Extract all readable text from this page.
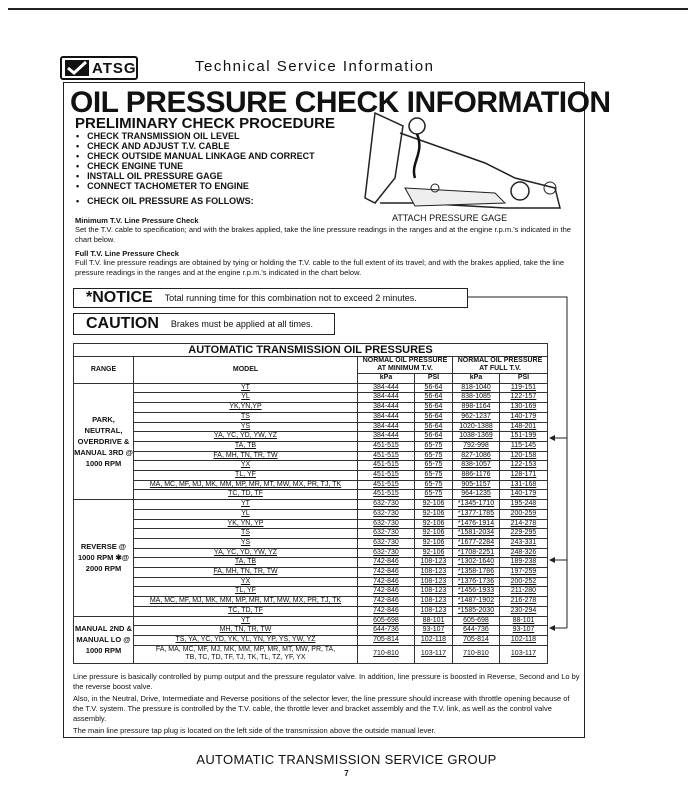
ATSG	Technical Service Information
OIL PRESSURE CHECK INFORMATION
PRELIMINARY CHECK PROCEDURE
• CHECK TRANSMISSION OIL LEVEL
• CHECK AND ADJUST T.V. CABLE
• CHECK OUTSIDE MANUAL LINKAGE AND CORRECT
• CHECK ENGINE TUNE
• INSTALL OIL PRESSURE GAGE
• CONNECT TACHOMETER TO ENGINE
• CHECK OIL PRESSURE AS FOLLOWS:
ATTACH PRESSURE GAGE
Minimum T.V. Line Pressure Check
Set the T.V. cable to specification; and with the brakes applied, take the line pressure readings in the ranges and at the engine r.p.m.'s indicated in the chart below.
Full T.V. Line Pressure Check
Full T.V. line pressure readings are obtained by tying or holding the T.V. cable to the full extent of its travel; and with the brakes applied, take the line pressure readings in the ranges and at the engine r.p.m.'s indicated in the chart below.
*NOTICE Total running time for this combination not to exceed 2 minutes.
CAUTION Brakes must be applied at all times.
AUTOMATIC TRANSMISSION OIL PRESSURES					
RANGE	MODEL	NORMAL OIL PRESSURE AT MINIMUM T.V.		NORMAL OIL PRESSURE AT FULL T.V.	
		kPa	PSI	kPa	PSI
PARK, NEUTRAL, OVERDRIVE & MANUAL 3RD @ 1000 RPM	YT	384-444	56-64	818-1040	119-151
	YL	384-444	56-64	838-1085	122-157
	YK,YN,YP	384-444	56-64	898-1164	130-169
	TS	384-444	56-64	962-1237	140-179
	YS	384-444	56-64	1020-1388	148-201
	YA, YC, YD, YW, YZ	384-444	56-64	1038-1369	151-199
	TA, TB	451-515	65-75	792-998	115-145
	FA, MH, TN, TR, TW	451-515	65-75	827-1086	120-158
	YX	451-515	65-75	838-1057	122-153
	TL, YF	451-515	65-75	886-1176	128-171
	MA, MC, MF, MJ, MK, MM, MP, MR, MT, MW, MX, PR, TJ, TK	451-515	65-75	905-1157	131-168
	TC, TD, TF	451-515	65-75	964-1235	140-179
REVERSE @ 1000 RPM ✱@ 2000 RPM	YT	632-730	92-106	*1345-1710	195-248
	YL	632-730	92-106	*1377-1785	200-259
	YK, YN, YP	632-730	92-106	*1476-1914	214-278
	TS	632-730	92-106	*1581-2034	229-295
	YS	632-730	92-106	*1677-2284	243-331
	YA, YC, YD, YW, YZ	632-730	92-106	*1708-2251	248-326
	TA, TB	742-846	108-123	*1302-1640	189-238
	FA, MH, TN, TR, TW	742-846	108-123	*1358-1786	197-259
	YX	742-846	108-123	*1376-1736	200-252
	TL, YF	742-846	108-123	*1456-1933	211-280
	MA, MC, MF, MJ, MK, MM, MP, MR, MT, MW, MX, PR, TJ, TK	742-846	108-123	*1487-1902	216-278
	TC, TD, TF	742-846	108-123	*1585-2030	230-294
MANUAL 2ND & MANUAL LO @ 1000 RPM	YT	605-698	88-101	605-698	88-101
	MH, TN, TR, TW	644-736	93-107	644-736	93-107
	TS, YA, YC, YD, YK, YL, YN, YP, YS, YW, YZ	705-814	102-118	705-814	102-118
	FA, MA, MC, MF, MJ, MK, MM, MP, MR, MT, MW, PR, TA, TB, TC, TD, TF, TJ, TK, TL, TZ, YF, YX	710-810	103-117	710-810	103-117

Line pressure is basically controlled by pump output and the pressure regulator valve. In addition, line pressure is boosted in Reverse, Second and Lo by the reverse boost valve.

Also, in the Neutral, Drive, Intermediate and Reverse positions of the selector lever, the line pressure should increase with throttle opening because of the T.V. system. The pressure is controlled by the T.V. cable, the throttle lever and bracket assembly and the T.V. link, as well as the control valve assembly.

The main line pressure tap plug is located on the left side of the transmission above the outside manual lever.

AUTOMATIC TRANSMISSION SERVICE GROUP
7
